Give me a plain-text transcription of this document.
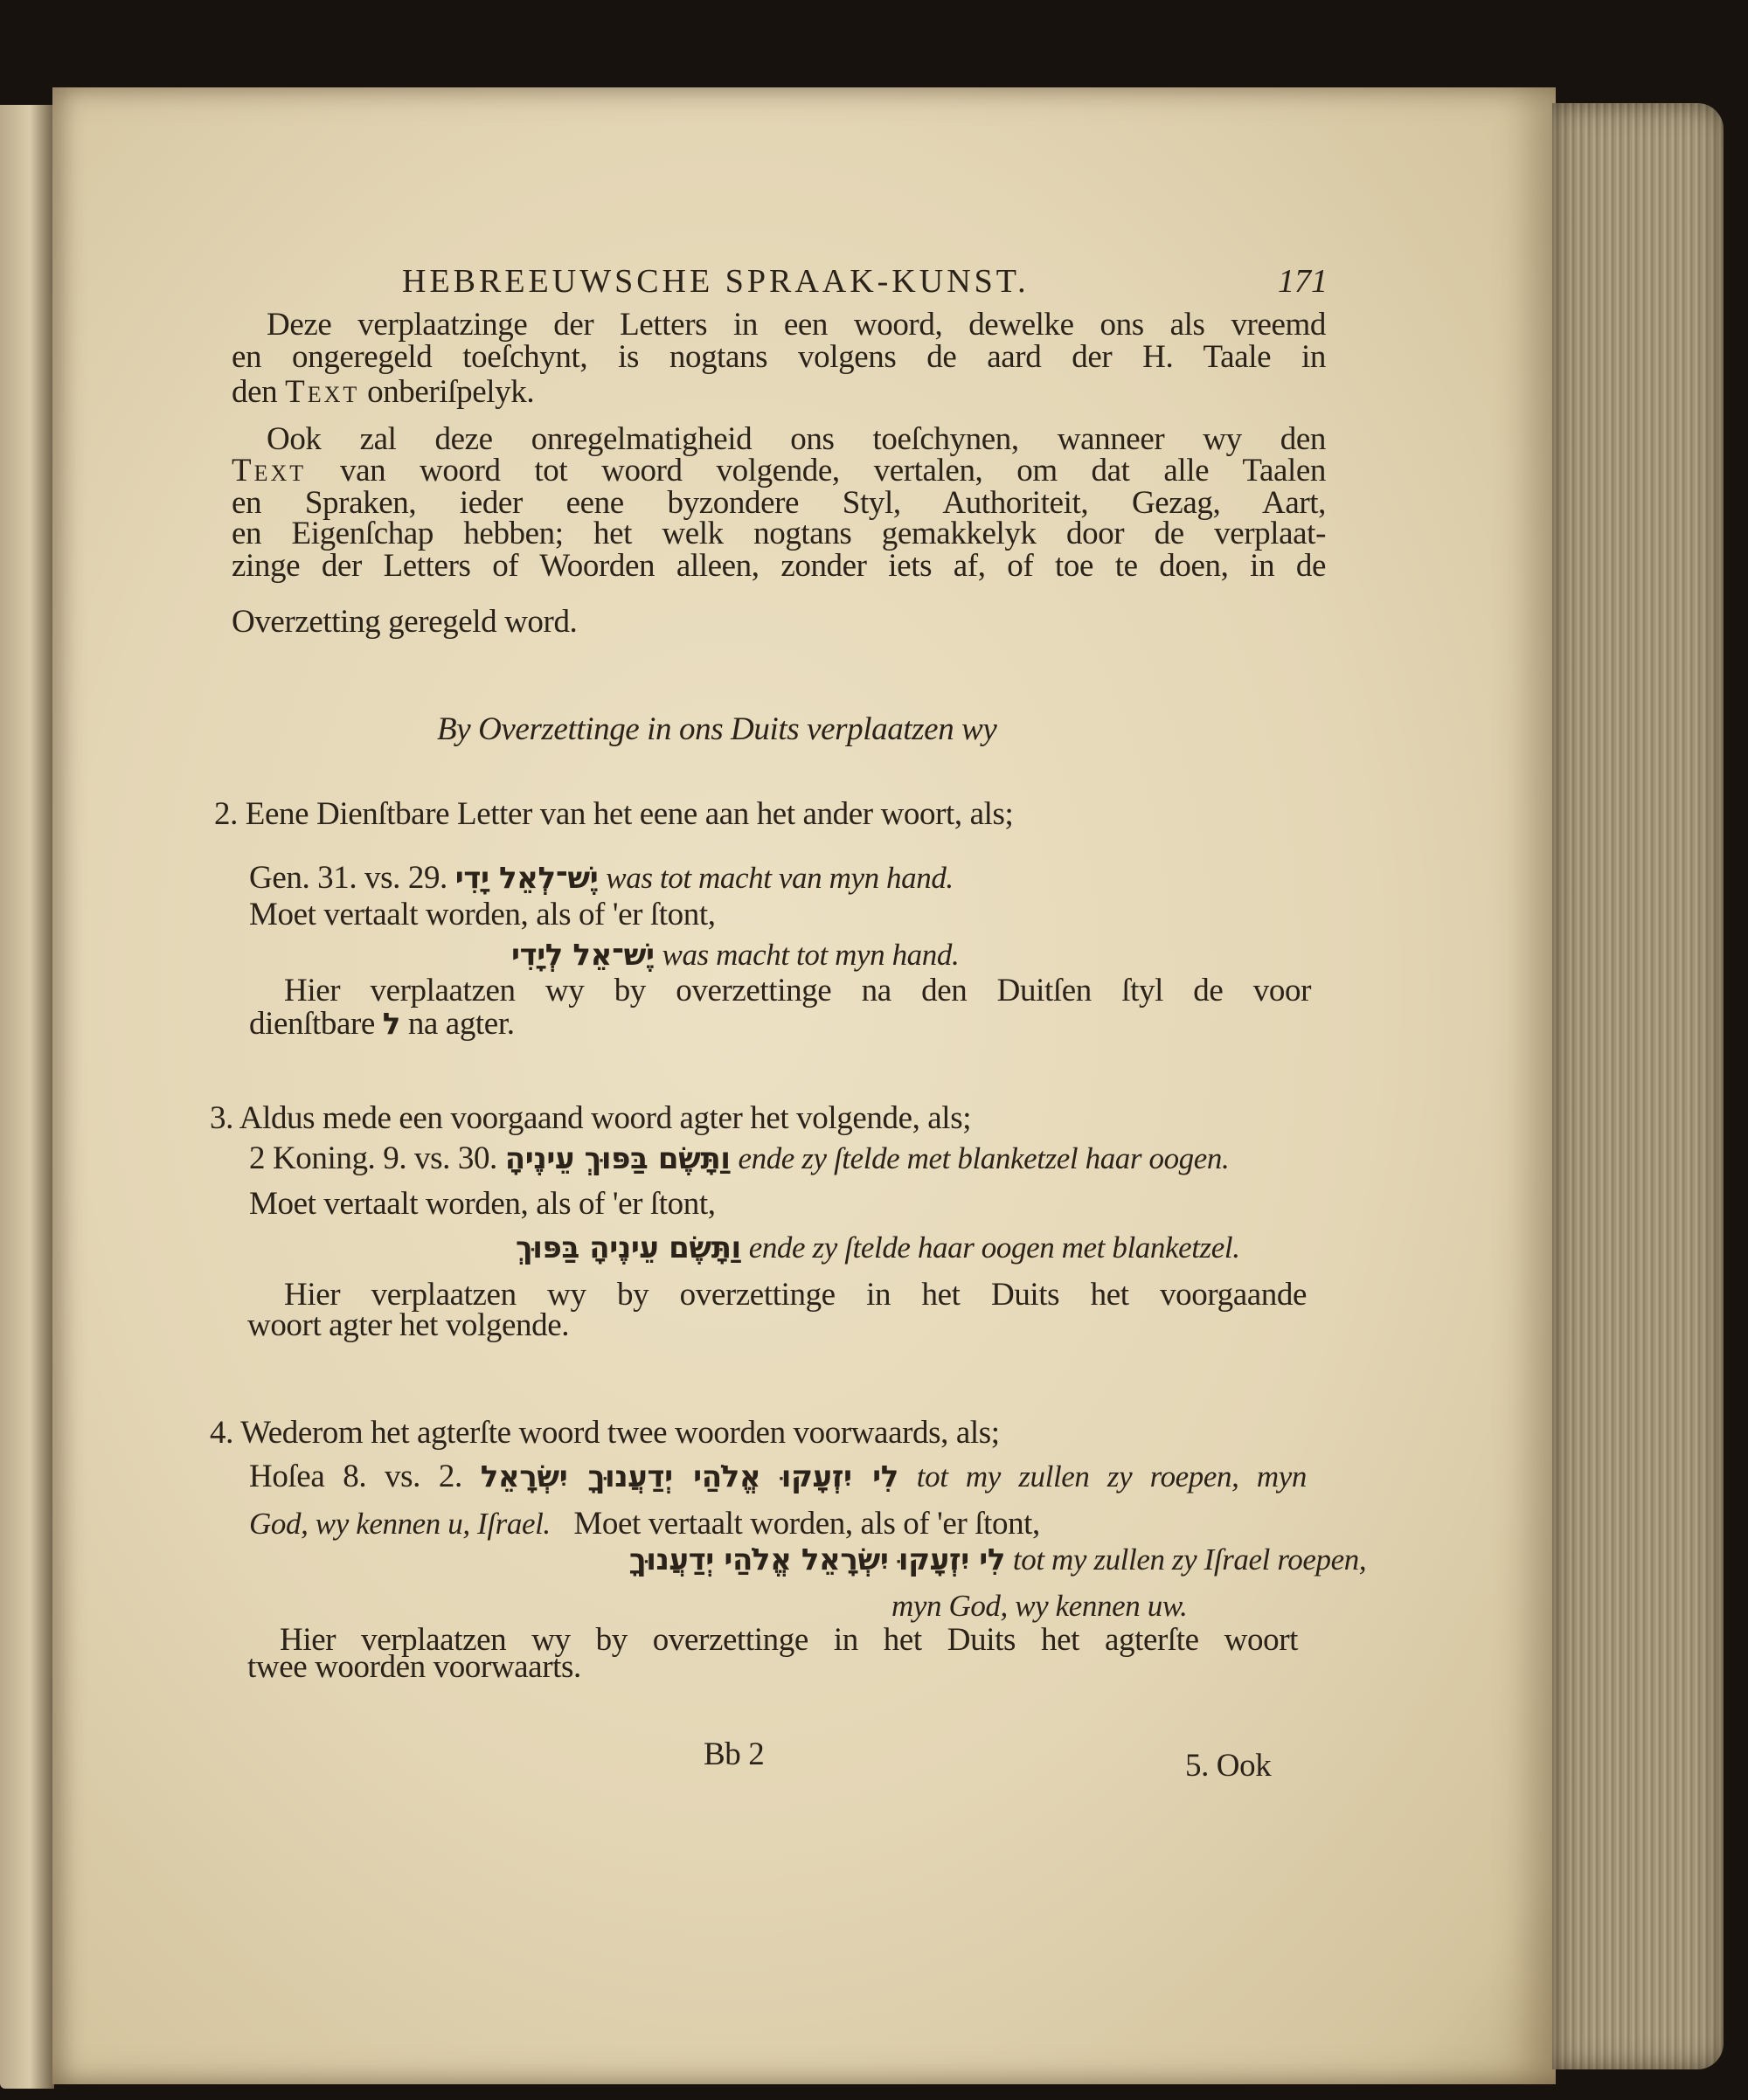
HEBREEUWSCHE SPRAAK-KUNST.	171
Deze verplaatzinge der Letters in een woord, dewelke ons als vreemd
en ongeregeld toeſchynt, is nogtans volgens de aard der H. Taale in
den Text onberiſpelyk.
Ook zal deze onregelmatigheid ons toeſchynen, wanneer wy den
Text van woord tot woord volgende, vertalen, om dat alle Taalen
en Spraken, ieder eene byzondere Styl, Authoriteit, Gezag, Aart,
en Eigenſchap hebben; het welk nogtans gemakkelyk door de verplaat-
zinge der Letters of Woorden alleen, zonder iets af, of toe te doen, in de
Overzetting geregeld word.
By Overzettinge in ons Duits verplaatzen wy
2. Eene Dienſtbare Letter van het eene aan het ander woort, als;
Gen. 31. vs. 29. יֶשׁ־לְאֵל יָדִי was tot macht van myn hand.
Moet vertaalt worden, als of 'er ſtont,
יֶשׁ־אֵל לְיָדִי was macht tot myn hand.
Hier verplaatzen wy by overzettinge na den Duitſen ſtyl de voor
dienſtbare ל na agter.
3. Aldus mede een voorgaand woord agter het volgende, als;
2 Koning. 9. vs. 30. וַתָּשֶׂם בַּפּוּךְ עֵינֶיהָ ende zy ſtelde met blanketzel haar oogen.
Moet vertaalt worden, als of 'er ſtont,
וַתָּשֶׂם עֵינֶיהָ בַּפּוּךְ ende zy ſtelde haar oogen met blanketzel.
Hier verplaatzen wy by overzettinge in het Duits het voorgaande
woort agter het volgende.
4. Wederom het agterſte woord twee woorden voorwaards, als;
Hoſea 8. vs. 2. לִי יִזְעָקוּ אֱלֹהַי יְדַעֲנוּךָ יִשְׂרָאֵל tot my zullen zy roepen, myn
God, wy kennen u, Iſrael. Moet vertaalt worden, als of 'er ſtont,
לִי יִזְעָקוּ יִשְׂרָאֵל אֱלֹהַי יְדַעֲנוּךָ tot my zullen zy Iſrael roepen,
myn God, wy kennen uw.
Hier verplaatzen wy by overzettinge in het Duits het agterſte woort
twee woorden voorwaarts.
Bb 2	5. Ook
